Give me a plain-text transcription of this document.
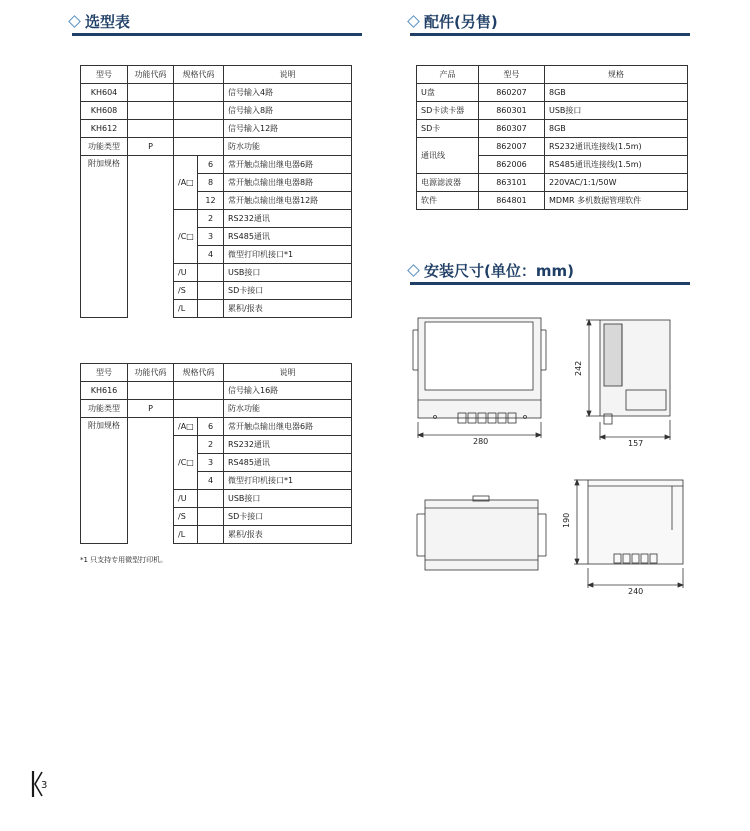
选型表	配件(另售)
安装尺寸(单位：mm)
型号	功能代码	规格代码		说明
KH604				信号输入4路
KH608				信号输入8路
KH612				信号输入12路
功能类型	P			防水功能
附加规格		/A□	6	常开触点输出继电器6路
			8	常开触点输出继电器8路
			12	常开触点输出继电器12路
		/C□	2	RS232通讯
			3	RS485通讯
			4	微型打印机接口*1
		/U		USB接口
		/S		SD卡接口
		/L		累积/报表
型号	功能代码	规格代码		说明
KH616				信号输入16路
功能类型	P			防水功能
附加规格		/A□	6	常开触点输出继电器6路
		/C□	2	RS232通讯
			3	RS485通讯
			4	微型打印机接口*1
		/U		USB接口
		/S		SD卡接口
		/L		累积/报表
*1 只支持专用微型打印机。
产品	型号	规格
U盘	860207	8GB
SD卡读卡器	860301	USB接口
SD卡	860307	8GB
通讯线	862007	RS232通讯连接线(1.5m)
	862006	RS485通讯连接线(1.5m)
电源滤波器	863101	220VAC/1:1/50W
软件	864801	MDMR 多机数据管理软件
280
242
157
190
240
3
